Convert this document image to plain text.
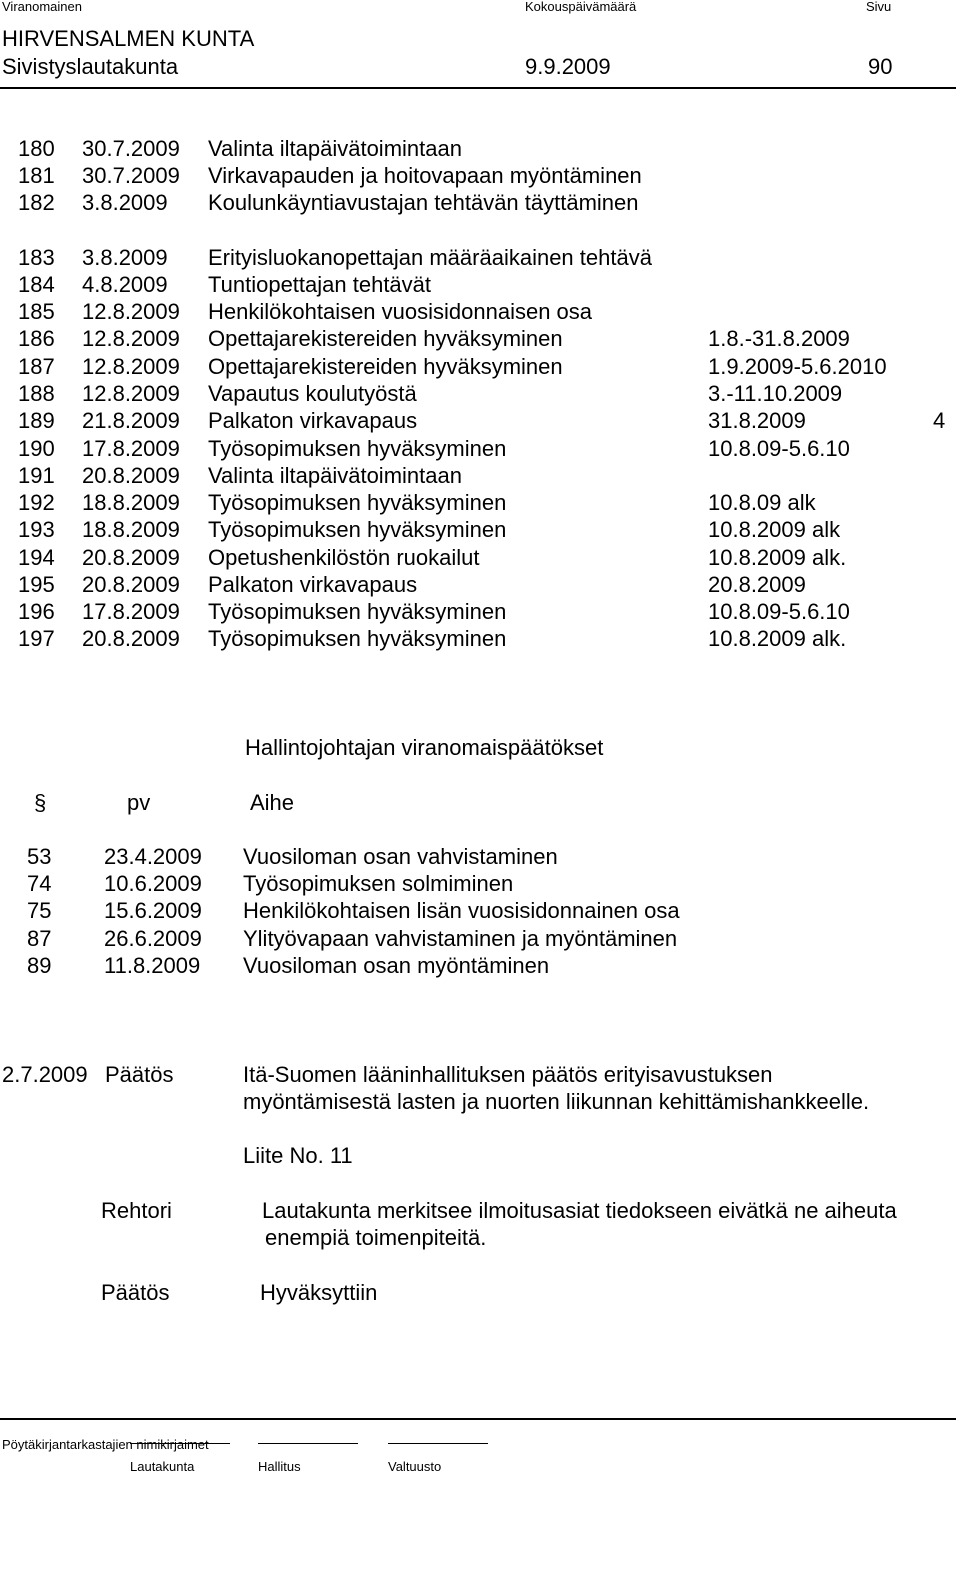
Viranomainen	Kokouspäivämäärä	Sivu
HIRVENSALMEN KUNTA
Sivistyslautakunta	9.9.2009	90
180 30.7.2009 Valinta iltapäivätoimintaan
181 30.7.2009 Virkavapauden ja hoitovapaan myöntäminen
182 3.8.2009 Koulunkäyntiavustajan tehtävän täyttäminen
183 3.8.2009 Erityisluokanopettajan määräaikainen tehtävä
184 4.8.2009 Tuntiopettajan tehtävät
185 12.8.2009 Henkilökohtaisen vuosisidonnaisen osa
186 12.8.2009 Opettajarekistereiden hyväksyminen	1.8.-31.8.2009
187 12.8.2009 Opettajarekistereiden hyväksyminen	1.9.2009-5.6.2010
188 12.8.2009 Vapautus koulutyöstä	3.-11.10.2009
189 21.8.2009 Palkaton virkavapaus	31.8.2009	4
190 17.8.2009 Työsopimuksen hyväksyminen	10.8.09-5.6.10
191 20.8.2009 Valinta iltapäivätoimintaan
192 18.8.2009 Työsopimuksen hyväksyminen	10.8.09 alk
193 18.8.2009 Työsopimuksen hyväksyminen	10.8.2009 alk
194 20.8.2009 Opetushenkilöstön ruokailut	10.8.2009 alk.
195 20.8.2009 Palkaton virkavapaus	20.8.2009
196 17.8.2009 Työsopimuksen hyväksyminen	10.8.09-5.6.10
197 20.8.2009 Työsopimuksen hyväksyminen	10.8.2009 alk.
Hallintojohtajan viranomaispäätökset
§	pv	Aihe
53 23.4.2009 Vuosiloman osan vahvistaminen
74 10.6.2009 Työsopimuksen solmiminen
75 15.6.2009 Henkilökohtaisen lisän vuosisidonnainen osa
87 26.6.2009 Ylityövapaan vahvistaminen ja myöntäminen
89 11.8.2009 Vuosiloman osan myöntäminen
2.7.2009 Päätös	Itä-Suomen lääninhallituksen päätös erityisavustuksen
myöntämisestä lasten ja nuorten liikunnan kehittämishankkeelle.
Liite No. 11
Rehtori	Lautakunta merkitsee ilmoitusasiat tiedokseen eivätkä ne aiheuta
enempiä toimenpiteitä.
Päätös	Hyväksyttiin
Pöytäkirjantarkastajien nimikirjaimet
Lautakunta	Hallitus	Valtuusto
